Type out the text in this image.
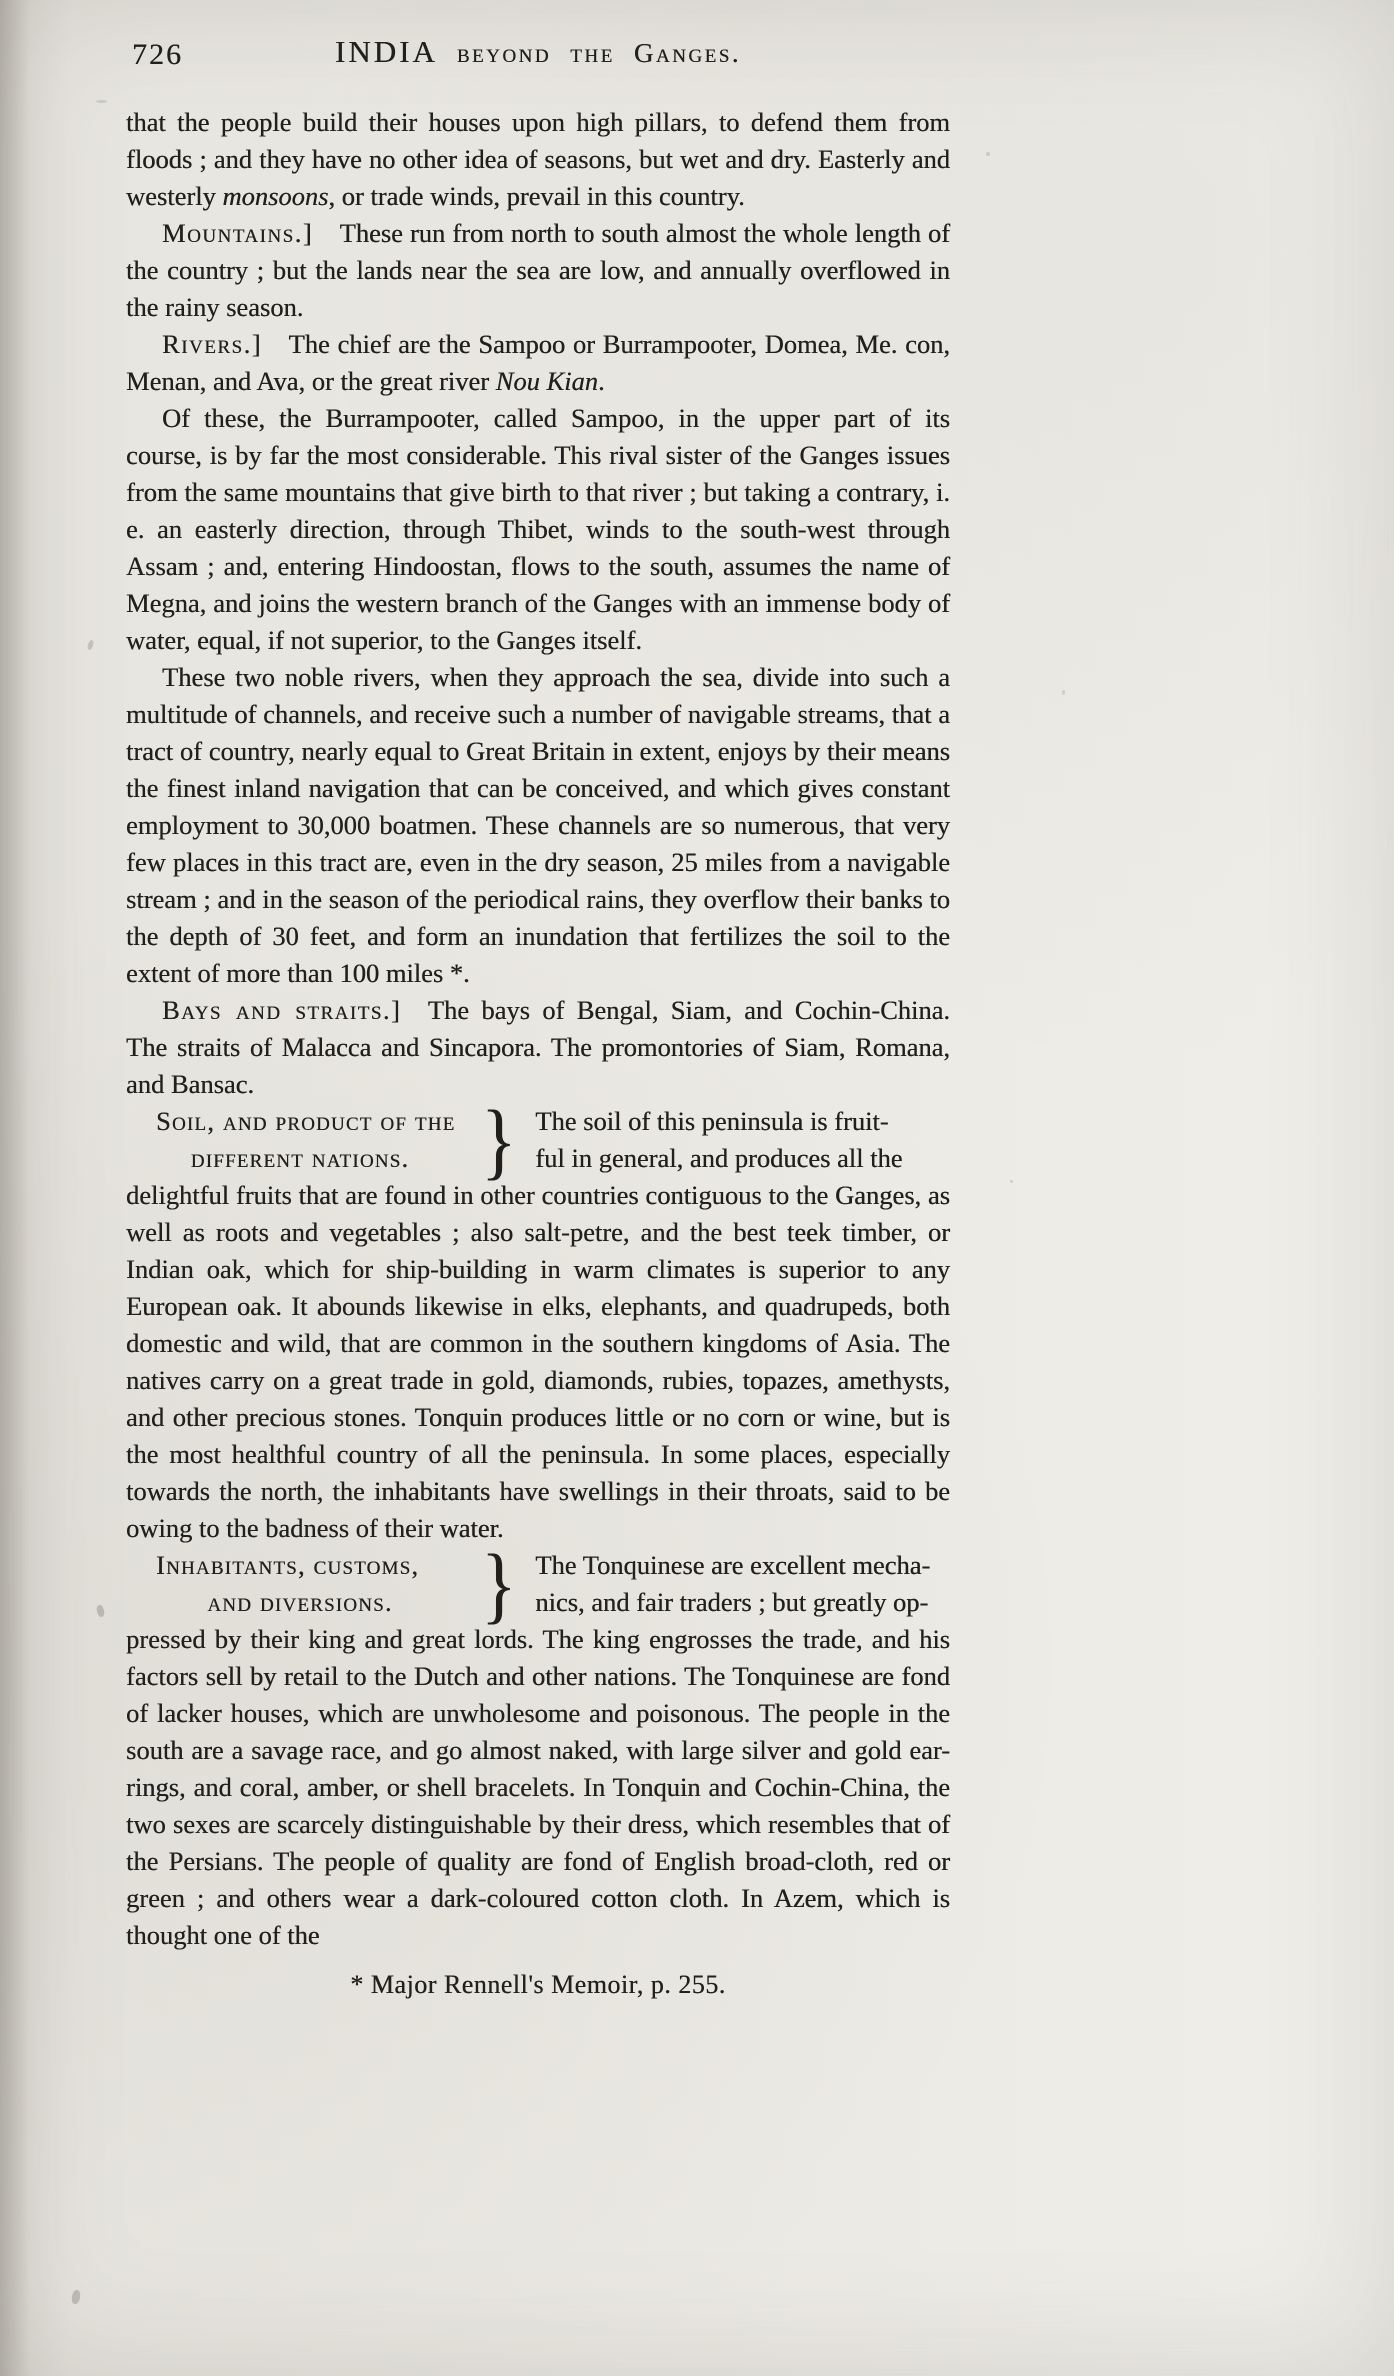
726	INDIA beyond the Ganges.

that the people build their houses upon high pillars, to defend them from floods ; and they have no other idea of seasons, but wet and dry. Easterly and westerly monsoons, or trade winds, prevail in this country.

Mountains.] These run from north to south almost the whole length of the country ; but the lands near the sea are low, and annually overflowed in the rainy season.

Rivers.] The chief are the Sampoo or Burrampooter, Domea, Me. con, Menan, and Ava, or the great river Nou Kian.

Of these, the Burrampooter, called Sampoo, in the upper part of its course, is by far the most considerable. This rival sister of the Ganges issues from the same mountains that give birth to that river ; but taking a contrary, i. e. an easterly direction, through Thibet, winds to the south-west through Assam ; and, entering Hindoostan, flows to the south, assumes the name of Megna, and joins the western branch of the Ganges with an immense body of water, equal, if not superior, to the Ganges itself.

These two noble rivers, when they approach the sea, divide into such a multitude of channels, and receive such a number of navigable streams, that a tract of country, nearly equal to Great Britain in extent, enjoys by their means the finest inland navigation that can be conceived, and which gives constant employment to 30,000 boatmen. These channels are so numerous, that very few places in this tract are, even in the dry season, 25 miles from a navigable stream ; and in the season of the periodical rains, they overflow their banks to the depth of 30 feet, and form an inundation that fertilizes the soil to the extent of more than 100 miles *.

Bays and straits.] The bays of Bengal, Siam, and Cochin-China. The straits of Malacca and Sincapora. The promontories of Siam, Romana, and Bansac.

Soil, and product of the
different nations. } The soil of this peninsula is fruit-
ful in general, and produces all the
delightful fruits that are found in other countries contiguous to the Ganges, as well as roots and vegetables ; also salt-petre, and the best teek timber, or Indian oak, which for ship-building in warm climates is superior to any European oak. It abounds likewise in elks, elephants, and quadrupeds, both domestic and wild, that are common in the southern kingdoms of Asia. The natives carry on a great trade in gold, diamonds, rubies, topazes, amethysts, and other precious stones. Tonquin produces little or no corn or wine, but is the most healthful country of all the peninsula. In some places, especially towards the north, the inhabitants have swellings in their throats, said to be owing to the badness of their water.
Inhabitants, customs,
and diversions.	} The Tonquinese are excellent mecha-
nics, and fair traders ; but greatly op-
pressed by their king and great lords. The king engrosses the trade, and his factors sell by retail to the Dutch and other nations. The Tonquinese are fond of lacker houses, which are unwholesome and poisonous. The people in the south are a savage race, and go almost naked, with large silver and gold ear-rings, and coral, amber, or shell bracelets. In Tonquin and Cochin-China, the two sexes are scarcely distinguishable by their dress, which resembles that of the Persians. The people of quality are fond of English broad-cloth, red or green ; and others wear a dark-coloured cotton cloth. In Azem, which is thought one of the
* Major Rennell's Memoir, p. 255.
